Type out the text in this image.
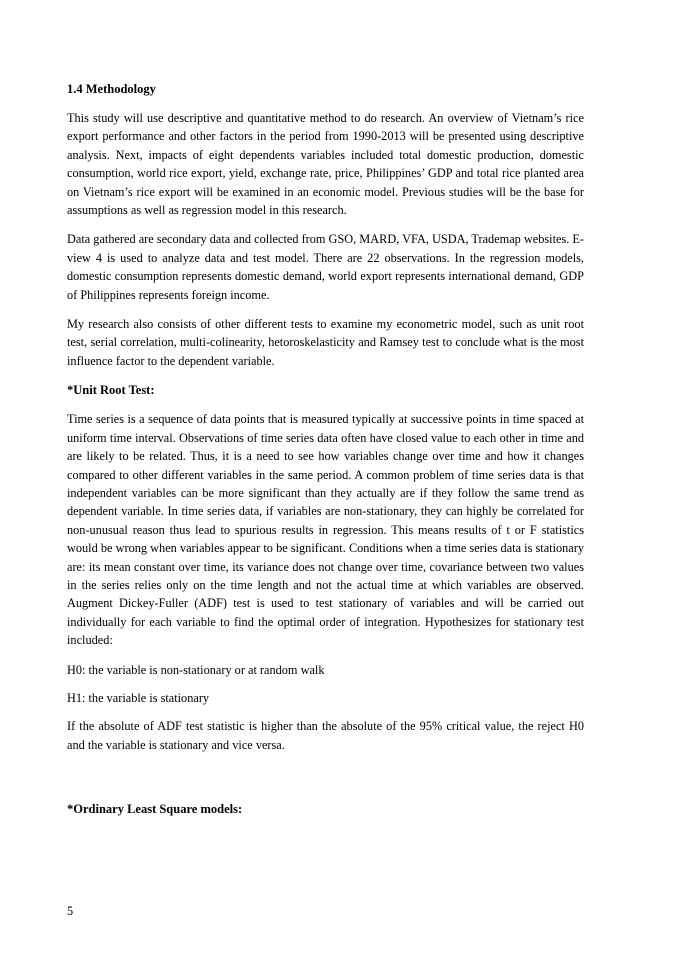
1.4 Methodology

This study will use descriptive and quantitative method to do research. An overview of Vietnam’s rice export performance and other factors in the period from 1990-2013 will be presented using descriptive analysis. Next, impacts of eight dependents variables included total domestic production, domestic consumption, world rice export, yield, exchange rate, price, Philippines’ GDP and total rice planted area on Vietnam’s rice export will be examined in an economic model. Previous studies will be the base for assumptions as well as regression model in this research.

Data gathered are secondary data and collected from GSO, MARD, VFA, USDA, Trademap websites. E-view 4 is used to analyze data and test model. There are 22 observations. In the regression models, domestic consumption represents domestic demand, world export represents international demand, GDP of Philippines represents foreign income.

My research also consists of other different tests to examine my econometric model, such as unit root test, serial correlation, multi-colinearity, hetoroskelasticity and Ramsey test to conclude what is the most influence factor to the dependent variable.

*Unit Root Test:

Time series is a sequence of data points that is measured typically at successive points in time spaced at uniform time interval. Observations of time series data often have closed value to each other in time and are likely to be related. Thus, it is a need to see how variables change over time and how it changes compared to other different variables in the same period. A common problem of time series data is that independent variables can be more significant than they actually are if they follow the same trend as dependent variable. In time series data, if variables are non-stationary, they can highly be correlated for non-unusual reason thus lead to spurious results in regression. This means results of t or F statistics would be wrong when variables appear to be significant. Conditions when a time series data is stationary are: its mean constant over time, its variance does not change over time, covariance between two values in the series relies only on the time length and not the actual time at which variables are observed. Augment Dickey-Fuller (ADF) test is used to test stationary of variables and will be carried out individually for each variable to find the optimal order of integration. Hypothesizes for stationary test included:

H0: the variable is non-stationary or at random walk

H1: the variable is stationary

If the absolute of ADF test statistic is higher than the absolute of the 95% critical value, the reject H0 and the variable is stationary and vice versa.

*Ordinary Least Square models:
5
